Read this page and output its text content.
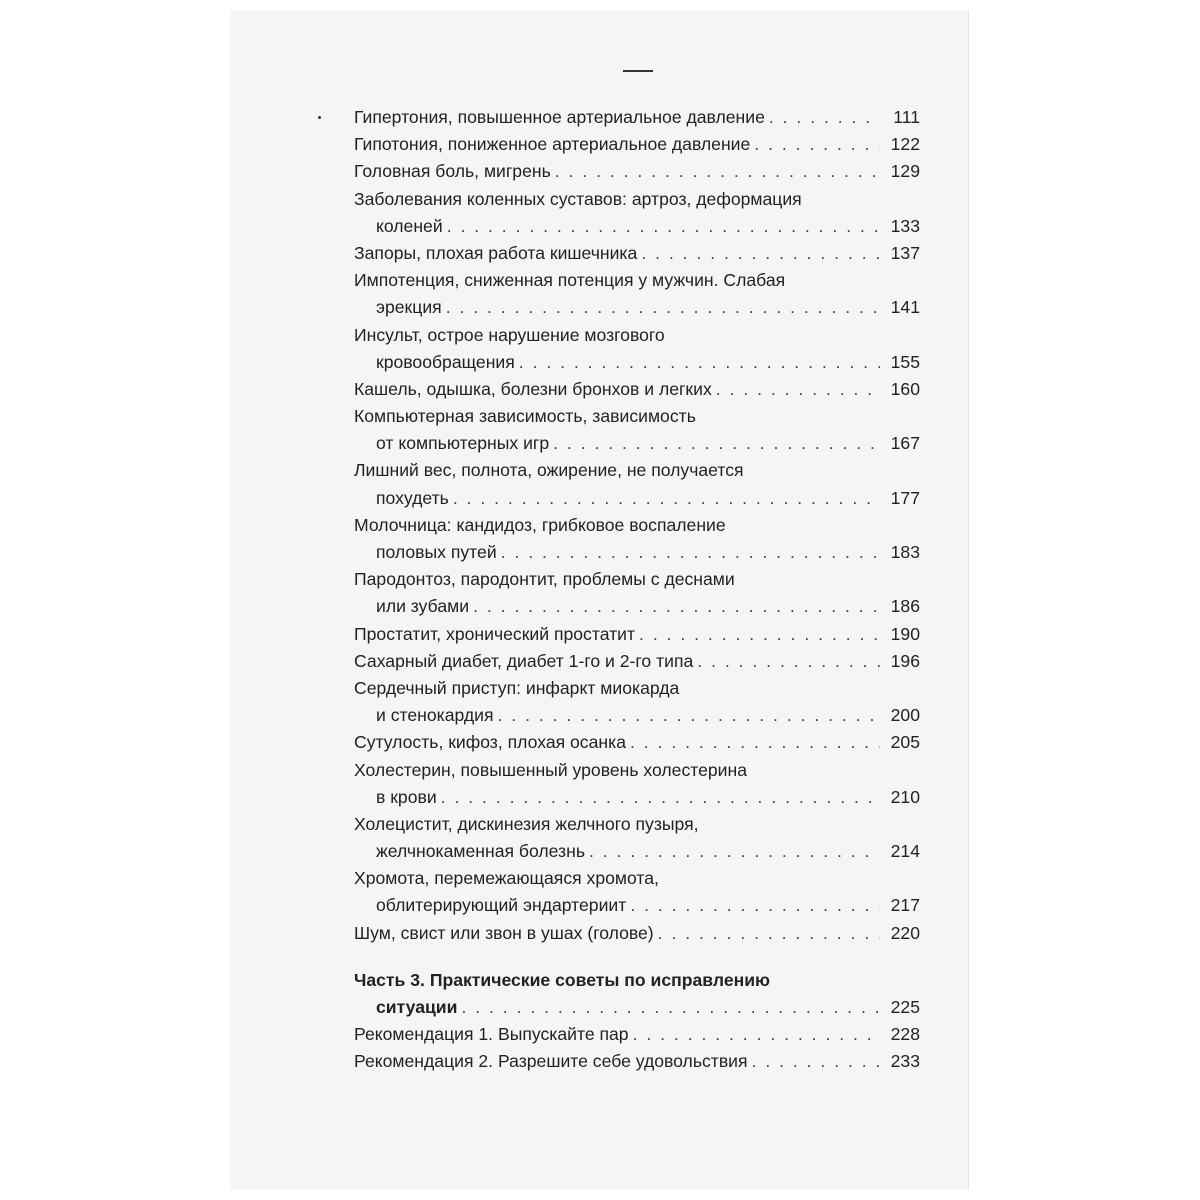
Гипертония, повышенное артериальное давление . . .	111
Гипотония, пониженное артериальное давление . . .	122
Головная боль, мигрень . . .	129
Заболевания коленных суставов: артроз, деформация
коленей . . .	133
Запоры, плохая работа кишечника . . .	137
Импотенция, сниженная потенция у мужчин. Слабая
эрекция . . .	141
Инсульт, острое нарушение мозгового
кровообращения . . .	155
Кашель, одышка, болезни бронхов и легких . . .	160
Компьютерная зависимость, зависимость
от компьютерных игр . . .	167
Лишний вес, полнота, ожирение, не получается
похудеть . . .	177
Молочница: кандидоз, грибковое воспаление
половых путей . . .	183
Пародонтоз, пародонтит, проблемы с деснами
или зубами . . .	186
Простатит, хронический простатит . . .	190
Сахарный диабет, диабет 1-го и 2-го типа . . .	196
Сердечный приступ: инфаркт миокарда
и стенокардия . . .	200
Сутулость, кифоз, плохая осанка . . .	205
Холестерин, повышенный уровень холестерина
в крови . . .	210
Холецистит, дискинезия желчного пузыря,
желчнокаменная болезнь . . .	214
Хромота, перемежающаяся хромота,
облитерирующий эндартериит . . .	217
Шум, свист или звон в ушах (голове) . . .	220
Часть 3. Практические советы по исправлению
ситуации . . .	225
Рекомендация 1. Выпускайте пар . . .	228
Рекомендация 2. Разрешите себе удовольствия . . .	233
